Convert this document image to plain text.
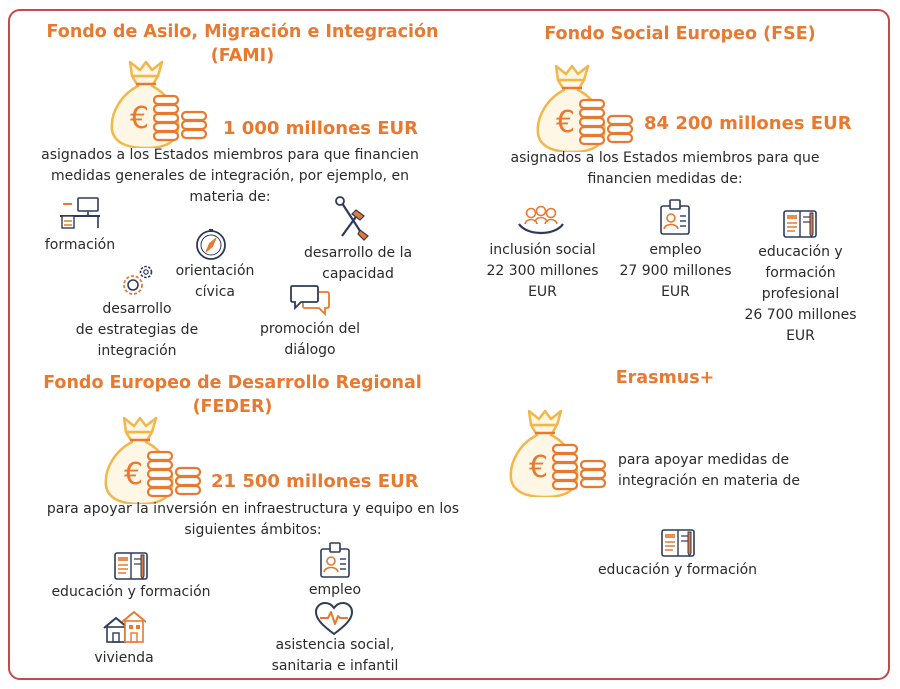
Fondo de Asilo, Migración e Integración
(FAMI)
1 000 millones EUR
asignados a los Estados miembros para que financien
medidas generales de integración, por ejemplo, en
materia de:
formación
orientación
cívica
desarrollo de la
capacidad
desarrollo
de estrategias de
integración
promoción del
diálogo
Fondo Social Europeo (FSE)
84 200 millones EUR
asignados a los Estados miembros para que
financien medidas de:
inclusión social
22 300 millones
EUR
empleo
27 900 millones
EUR
educación y
formación
profesional
26 700 millones
EUR
Fondo Europeo de Desarrollo Regional
(FEDER)
21 500 millones EUR
para apoyar la inversión en infraestructura y equipo en los
siguientes ámbitos:
educación y formación	empleo
vivienda
asistencia social,
sanitaria e infantil
Erasmus+
para apoyar medidas de
integración en materia de
educación y formación
